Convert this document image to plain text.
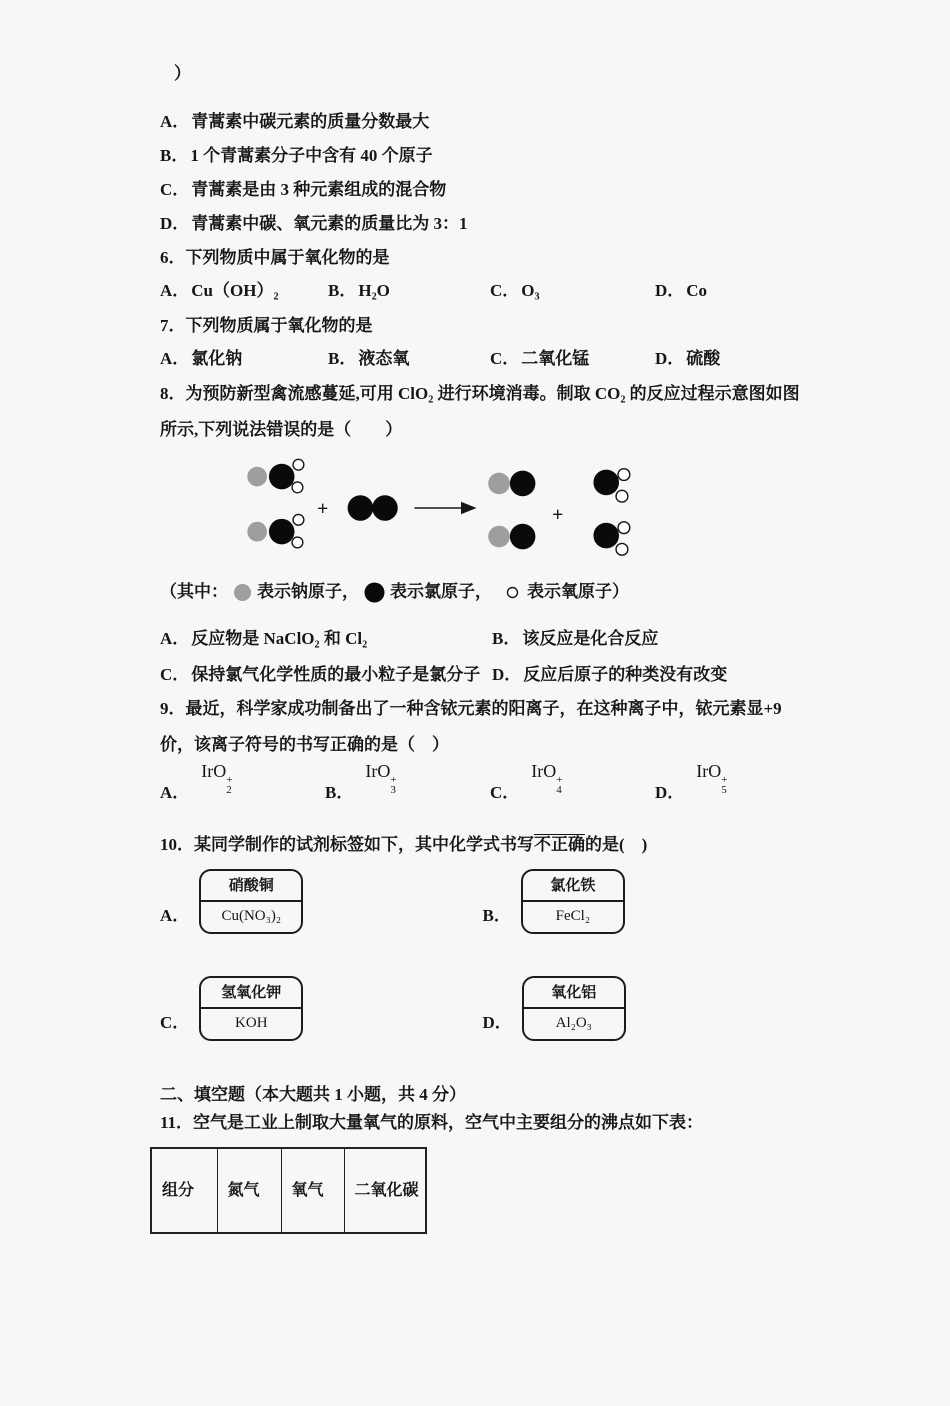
）
A． 青蒿素中碳元素的质量分数最大
B． 1 个青蒿素分子中含有 40 个原子
C． 青蒿素是由 3 种元素组成的混合物
D． 青蒿素中碳、氧元素的质量比为 3：1
6．下列物质中属于氧化物的是
A． Cu（OH）₂	B． H₂O	C． O₃	D． Co
7．下列物质属于氧化物的是
A． 氯化钠	B． 液态氧	C． 二氧化锰	D． 硫酸
8．为预防新型禽流感蔓延,可用 ClO₂ 进行环境消毒。制取 CO₂ 的反应过程示意图如图
所示,下列说法错误的是（　　）
+	+
（其中： 表示钠原子， 表示氯原子， 表示氧原子）
A． 反应物是 NaClO₂ 和 Cl₂	B． 该反应是化合反应
C． 保持氯气化学性质的最小粒子是氯分子 D． 反应后原子的种类没有改变
9．最近，科学家成功制备出了一种含铱元素的阳离子，在这种离子中，铱元素显+9
价，该离子符号的书写正确的是（　）
A．
IrO +
2	B．
IrO +
3	C．
IrO +
4	D．
IrO +
5
10．某同学制作的试剂标签如下，其中化学式书写不正确的是(　)
A．
硝酸铜
Cu(NO₃)₂	B．
氯化铁
FeCl₂
C．
氢氧化钾
KOH	D．
氧化铝
Al₂O₃
二、填空题（本大题共 1 小题，共 4 分）
11．空气是工业上制取大量氧气的原料，空气中主要组分的沸点如下表：
组分	氮气	氧气	二氧化碳
